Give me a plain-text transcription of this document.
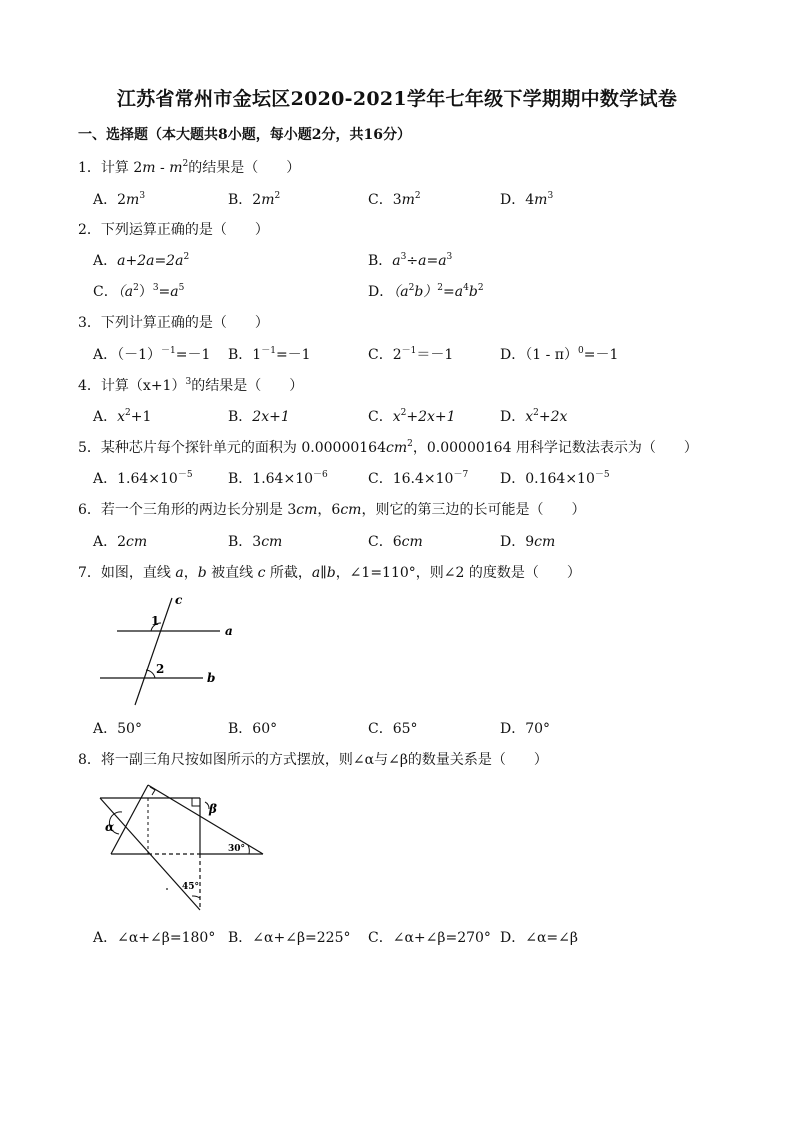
江苏省常州市金坛区2020-2021学年七年级下学期期中数学试卷
一、选择题（本大题共8小题，每小题2分，共16分）
1．计算 $2m - m^2$的结果是（　　）
A．$2m^3$	B．$2m^2$	C．$3m^2$	D．$4m^3$
2．下列运算正确的是（　　）
A．$a+2a=2a^2$	B．$a^3\div a=a^3$
C．$(a^2)^3=a^5$	D．$(a^2b)^2=a^4b^2$
3．下列计算正确的是（　　）
A．$(-1)^{-1}=-1$ B．$1^{-1}=-1$	C．$2^{-1}=-1$	D．（1 - π）$^0$=－1
4．计算$(x+1)^3$的结果是（　　）
A．$x^2+1$	B．2x+1	C．$x^2+2x+1$	D．$x^2+2x$
5．某种芯片每个探针单元的面积为 $0.00000164cm^2$，0.00000164 用科学记数法表示为（　　）
A．$1.64\times 10^{-5}$	B．$1.64\times 10^{-6}$	C．$16.4\times 10^{-7}$ D．$0.164\times 10^{-5}$
6．若一个三角形的两边长分别是 3cm，6cm，则它的第三边的长可能是（　　）
A．2cm	B．3cm	C．6cm	D．9cm
7．如图，直线 a，b 被直线 c 所截，a∥b，∠1=110°，则∠2 的度数是（　　）
c
a
b
1
2
A．50°	B．60°	C．65°	D．70°
8．将一副三角尺按如图所示的方式摆放，则∠α与∠β的数量关系是（　　）
α
β
30°
45°
A．∠α+∠β=180° B．∠α+∠β=225° C．∠α+∠β=270° D．∠α=∠β
